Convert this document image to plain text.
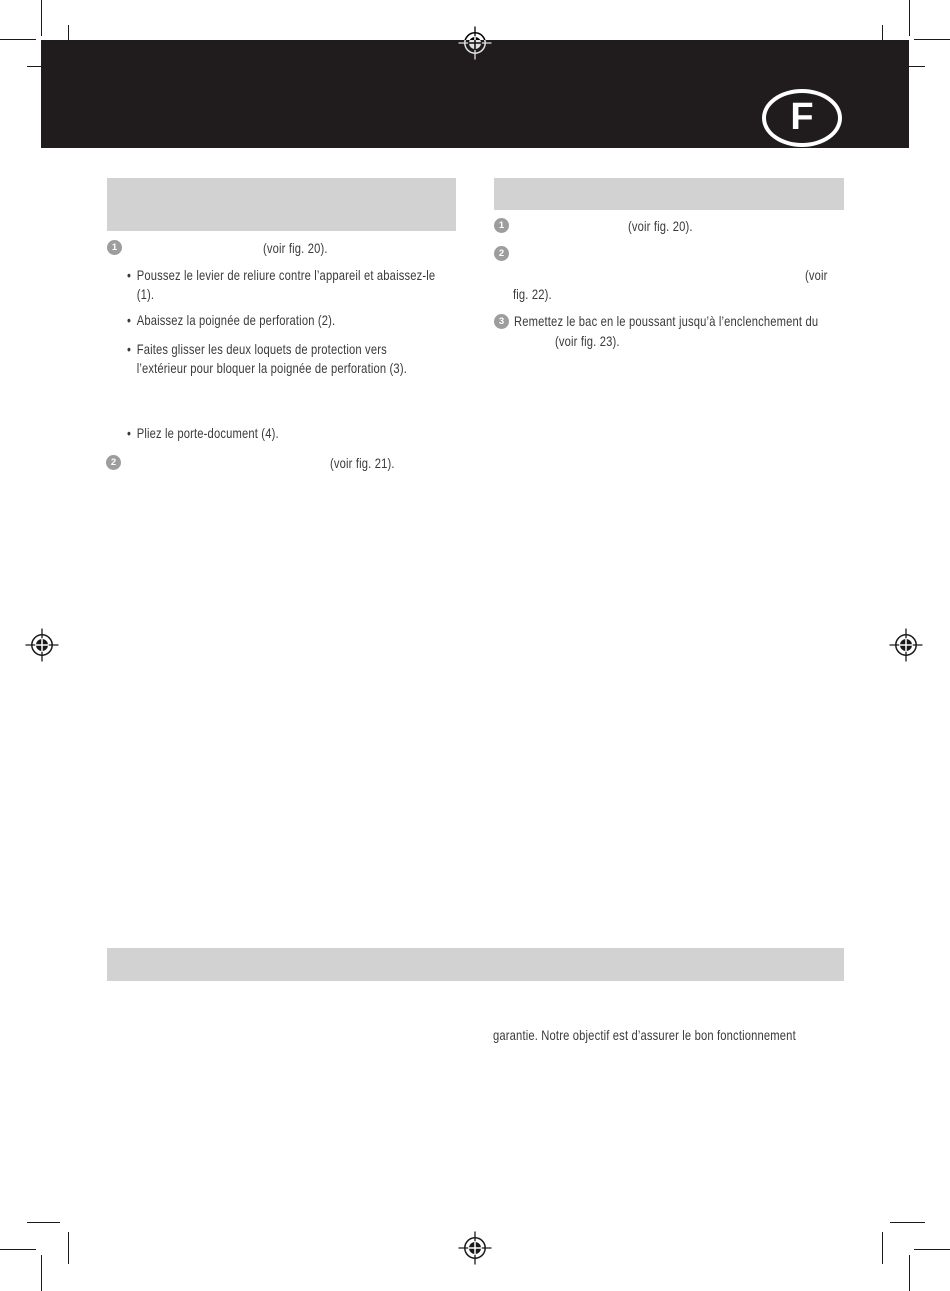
F
1	(voir fig. 20).
• Poussez le levier de reliure contre l’appareil et abaissez-le
(1).
• Abaissez la poignée de perforation (2).
• Faites glisser les deux loquets de protection vers
l’extérieur pour bloquer la poignée de perforation (3).
• Pliez le porte-document (4).
2	(voir fig. 21).
1	(voir fig. 20).
2
(voir
fig. 22).
3 Remettez le bac en le poussant jusqu’à l’enclenchement du
(voir fig. 23).
garantie. Notre objectif est d’assurer le bon fonctionnement
